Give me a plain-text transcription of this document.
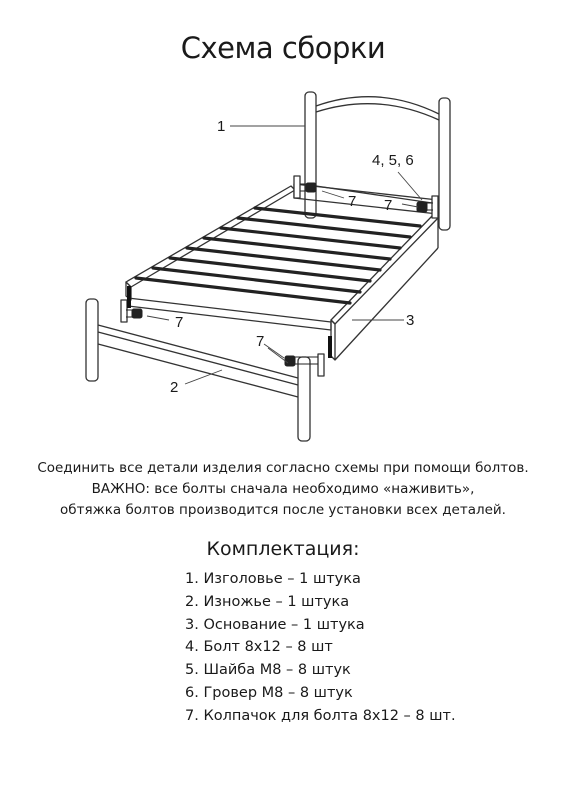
Схема сборки
1
4, 5, 6
7 7
7
7
3
2
Соединить все детали изделия согласно схемы при помощи болтов.
ВАЖНО: все болты сначала необходимо «наживить»,
обтяжка болтов производится после установки всех деталей.
Комплектация:
1. Изголовье – 1 штука
2. Изножье – 1 штука
3. Основание – 1 штука
4. Болт 8х12 – 8 шт
5. Шайба М8 – 8 штук
6. Гровер М8 – 8 штук
7. Колпачок для болта 8х12 – 8 шт.
